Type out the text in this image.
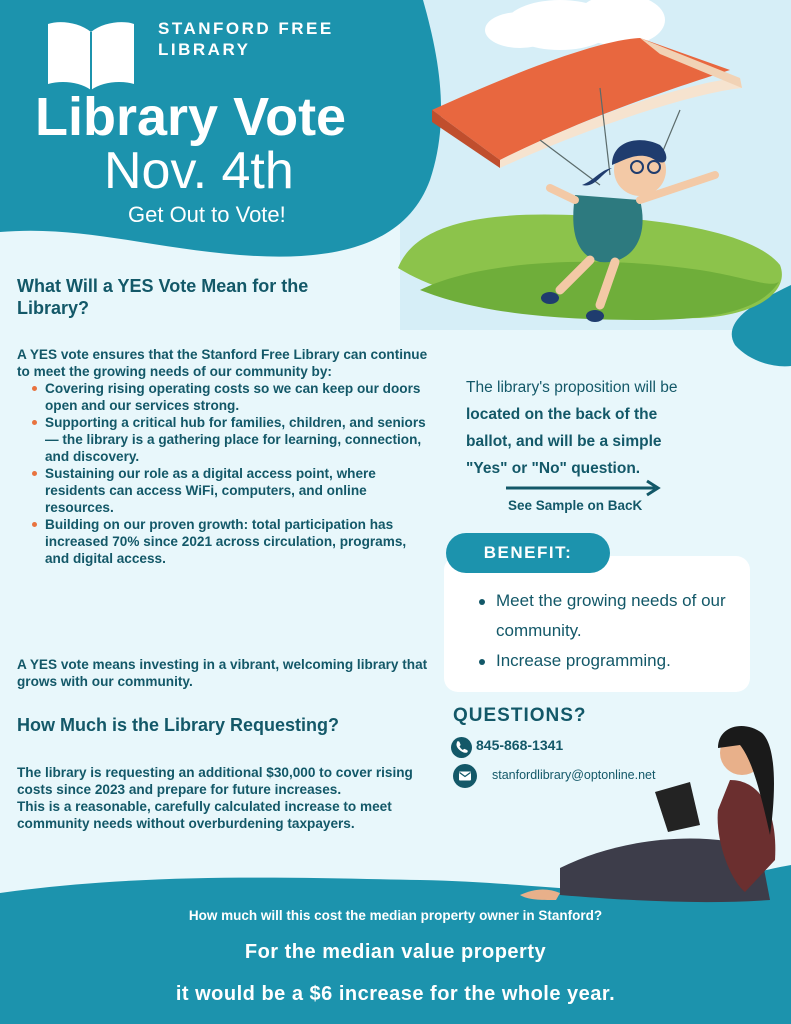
STANFORD FREE
LIBRARY
Library Vote
Nov. 4th
Get Out to Vote!
What Will a YES Vote Mean for the
Library?
A YES vote ensures that the Stanford Free Library can continue to meet the growing needs of our community by:
Covering rising operating costs so we can keep our doors open and our services strong.
Supporting a critical hub for families, children, and seniors — the library is a gathering place for learning, connection, and discovery.
Sustaining our role as a digital access point, where residents can access WiFi, computers, and online resources.
Building on our proven growth: total participation has increased 70% since 2021 across circulation, programs, and digital access.
A YES vote means investing in a vibrant, welcoming library that grows with our community.
How Much is the Library Requesting?
The library is requesting an additional $30,000 to cover rising costs since 2023 and prepare for future increases.
This is a reasonable, carefully calculated increase to meet community needs without overburdening taxpayers.
The library's proposition will be
located on the back of the
ballot, and will be a simple
"Yes" or "No" question.
See Sample on BacK
Meet the growing needs of our community.
Increase programming.
BENEFIT:
QUESTIONS?
845-868-1341
stanfordlibrary@optonline.net
How much will this cost the median property owner in Stanford?
For the median value property
it would be a $6 increase for the whole year.
